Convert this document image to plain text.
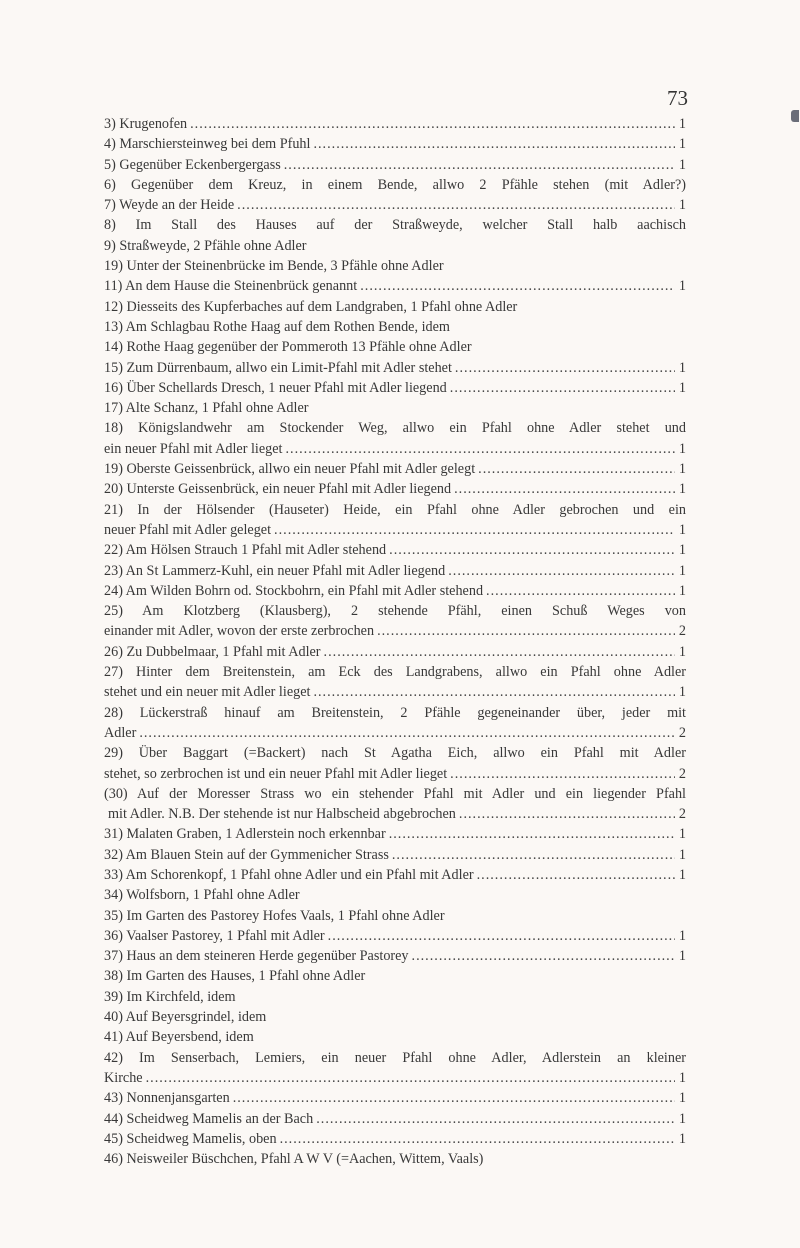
73
3) Krugenofen .....	1
4) Marschiersteinweg bei dem Pfuhl .....	1
5) Gegenüber Eckenbergergass .....	1
6) Gegenüber dem Kreuz, in einem Bende, allwo 2 Pfähle stehen (mit Adler?)
7) Weyde an der Heide .....	1
8) Im Stall des Hauses auf der Straßweyde, welcher Stall halb aachisch
9) Straßweyde, 2 Pfähle ohne Adler
19) Unter der Steinenbrücke im Bende, 3 Pfähle ohne Adler
11) An dem Hause die Steinenbrück genannt .....	1
12) Diesseits des Kupferbaches auf dem Landgraben, 1 Pfahl ohne Adler
13) Am Schlagbau Rothe Haag auf dem Rothen Bende, idem
14) Rothe Haag gegenüber der Pommeroth 13 Pfähle ohne Adler
15) Zum Dürrenbaum, allwo ein Limit-Pfahl mit Adler stehet .....	1
16) Über Schellards Dresch, 1 neuer Pfahl mit Adler liegend .....	1
17) Alte Schanz, 1 Pfahl ohne Adler
18) Königslandwehr am Stockender Weg, allwo ein Pfahl ohne Adler stehet und
ein neuer Pfahl mit Adler lieget .....	1
19) Oberste Geissenbrück, allwo ein neuer Pfahl mit Adler gelegt .....	1
20) Unterste Geissenbrück, ein neuer Pfahl mit Adler liegend .....	1
21) In der Hölsender (Hauseter) Heide, ein Pfahl ohne Adler gebrochen und ein
neuer Pfahl mit Adler geleget .....	1
22) Am Hölsen Strauch 1 Pfahl mit Adler stehend .....	1
23) An St Lammerz-Kuhl, ein neuer Pfahl mit Adler liegend .....	1
24) Am Wilden Bohrn od. Stockbohrn, ein Pfahl mit Adler stehend .....	1
25) Am Klotzberg (Klausberg), 2 stehende Pfähl, einen Schuß Weges von
einander mit Adler, wovon der erste zerbrochen .....	2
26) Zu Dubbelmaar, 1 Pfahl mit Adler .....	1
27) Hinter dem Breitenstein, am Eck des Landgrabens, allwo ein Pfahl ohne Adler
stehet und ein neuer mit Adler lieget .....	1
28) Lückerstraß hinauf am Breitenstein, 2 Pfähle gegeneinander über, jeder mit
Adler .....	2
29) Über Baggart (=Backert) nach St Agatha Eich, allwo ein Pfahl mit Adler
stehet, so zerbrochen ist und ein neuer Pfahl mit Adler lieget .....	2
(30) Auf der Moresser Strass wo ein stehender Pfahl mit Adler und ein liegender Pfahl
mit Adler. N.B. Der stehende ist nur Halbscheid abgebrochen .....	2
31) Malaten Graben, 1 Adlerstein noch erkennbar .....	1
32) Am Blauen Stein auf der Gymmenicher Strass .....	1
33) Am Schorenkopf, 1 Pfahl ohne Adler und ein Pfahl mit Adler .....	1
34) Wolfsborn, 1 Pfahl ohne Adler
35) Im Garten des Pastorey Hofes Vaals, 1 Pfahl ohne Adler
36) Vaalser Pastorey, 1 Pfahl mit Adler .....	1
37) Haus an dem steineren Herde gegenüber Pastorey .....	1
38) Im Garten des Hauses, 1 Pfahl ohne Adler
39) Im Kirchfeld, idem
40) Auf Beyersgrindel, idem
41) Auf Beyersbend, idem
42) Im Senserbach, Lemiers, ein neuer Pfahl ohne Adler, Adlerstein an kleiner
Kirche .....	1
43) Nonnenjansgarten .....	1
44) Scheidweg Mamelis an der Bach .....	1
45) Scheidweg Mamelis, oben .....	1
46) Neisweiler Büschchen, Pfahl A W V (=Aachen, Wittem, Vaals)
